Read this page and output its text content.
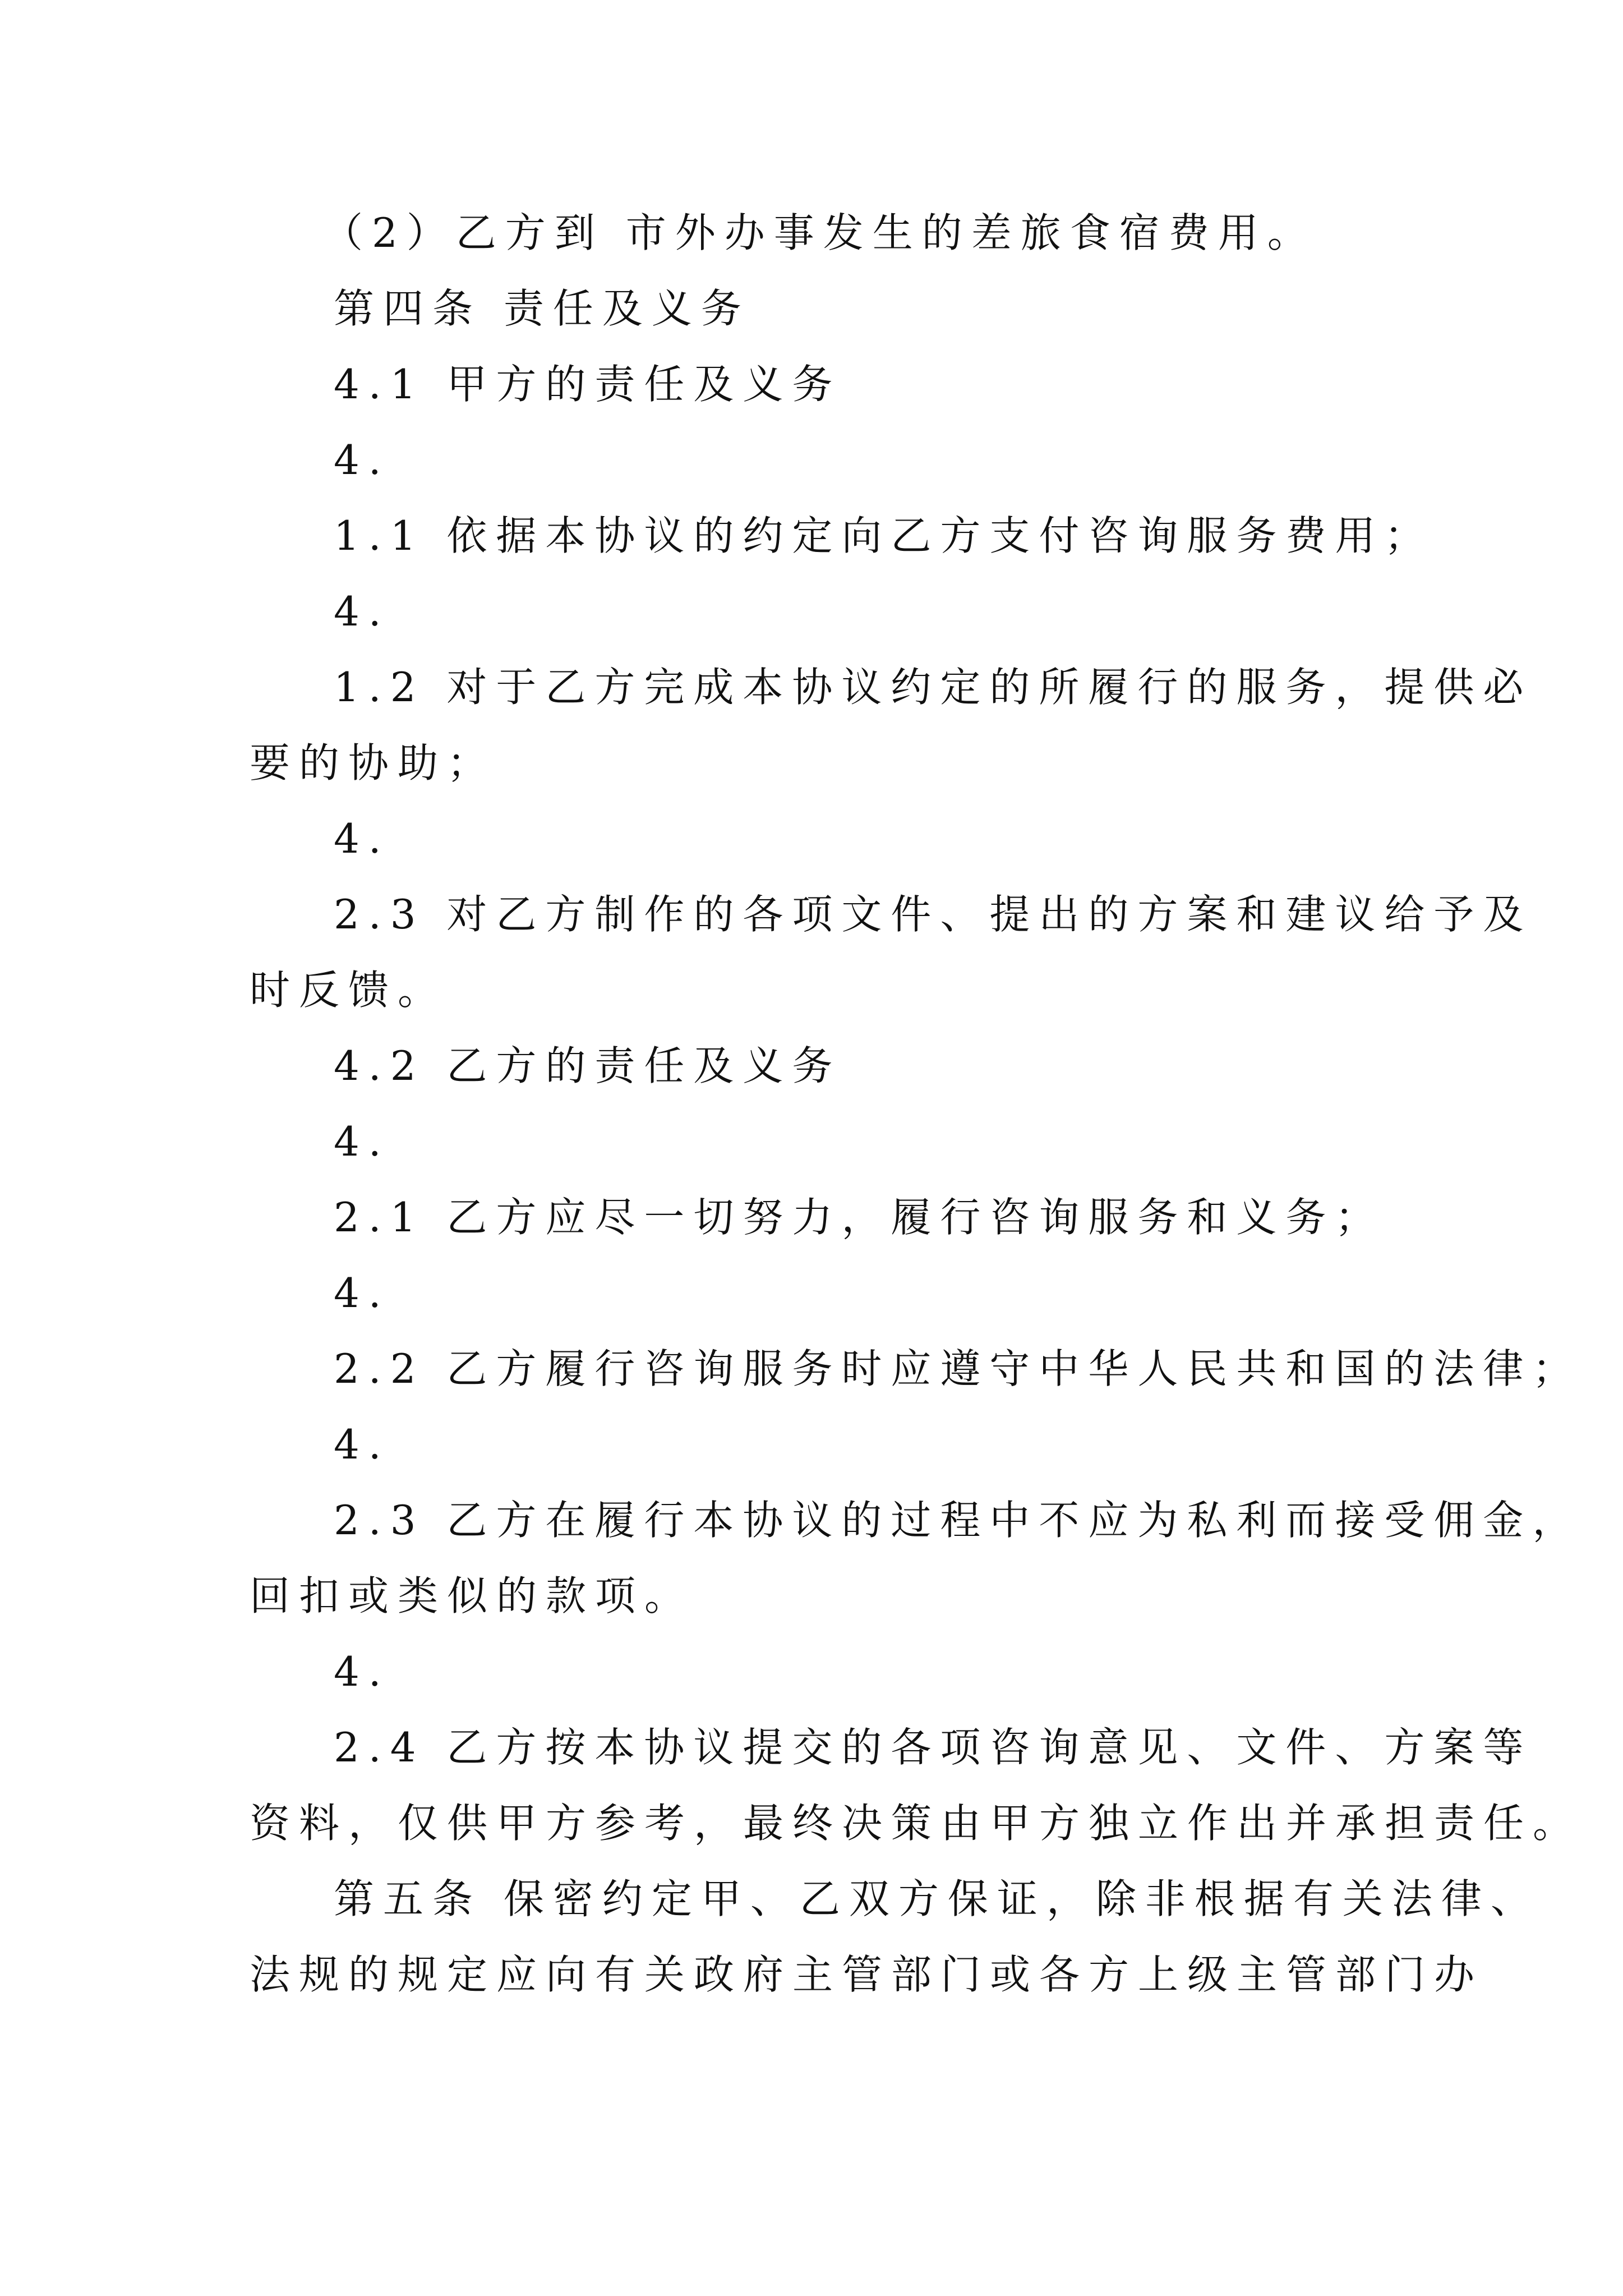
（2）乙方到 市外办事发生的差旅食宿费用。
第四条 责任及义务
4.1 甲方的责任及义务
4.
1.1 依据本协议的约定向乙方支付咨询服务费用；
4.
1.2 对于乙方完成本协议约定的所履行的服务，提供必
要的协助；
4.
2.3 对乙方制作的各项文件、提出的方案和建议给予及
时反馈。
4.2 乙方的责任及义务
4.
2.1 乙方应尽一切努力，履行咨询服务和义务；
4.
2.2 乙方履行咨询服务时应遵守中华人民共和国的法律；
4.
2.3 乙方在履行本协议的过程中不应为私利而接受佣金，
回扣或类似的款项。
4.
2.4 乙方按本协议提交的各项咨询意见、文件、方案等
资料，仅供甲方参考，最终决策由甲方独立作出并承担责任。
第五条 保密约定甲、乙双方保证，除非根据有关法律、
法规的规定应向有关政府主管部门或各方上级主管部门办
